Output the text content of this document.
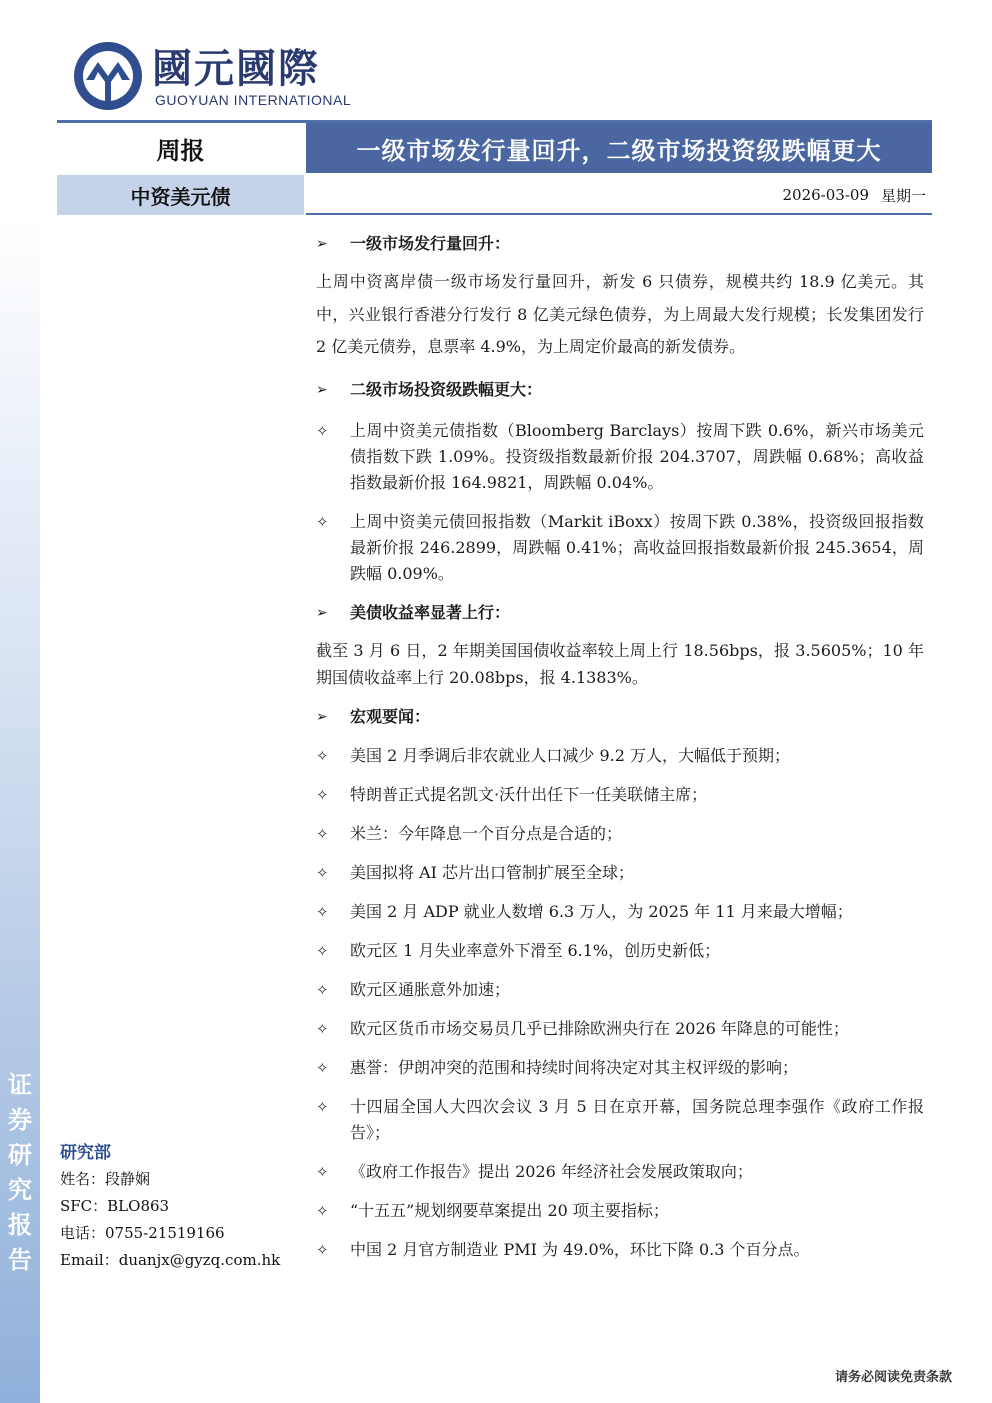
國元國際
GUOYUAN INTERNATIONAL
周报	一级市场发行量回升，二级市场投资级跌幅更大
中资美元债	2026-03-09 星期一
证券研究报告
研究部
姓名：段静娴
SFC：BLO863
电话：0755-21519166
Email：duanjx@gyzq.com.hk
➢	一级市场发行量回升：

上周中资离岸债一级市场发行量回升，新发 6 只债券，规模共约 18.9 亿美元。其中，兴业银行香港分行发行 8 亿美元绿色债券，为上周最大发行规模；长发集团发行 2 亿美元债券，息票率 4.9%，为上周定价最高的新发债券。

➢	二级市场投资级跌幅更大：
✧	上周中资美元债指数（Bloomberg Barclays）按周下跌 0.6%，新兴市场美元债指数下跌 1.09%。投资级指数最新价报 204.3707，周跌幅 0.68%；高收益指数最新价报 164.9821，周跌幅 0.04%。
✧	上周中资美元债回报指数（Markit iBoxx）按周下跌 0.38%，投资级回报指数最新价报 246.2899，周跌幅 0.41%；高收益回报指数最新价报 245.3654，周跌幅 0.09%。
➢	美债收益率显著上行：

截至 3 月 6 日，2 年期美国国债收益率较上周上行 18.56bps，报 3.5605%；10 年期国债收益率上行 20.08bps，报 4.1383%。

➢	宏观要闻：
✧	美国 2 月季调后非农就业人口减少 9.2 万人，大幅低于预期；
✧	特朗普正式提名凯文·沃什出任下一任美联储主席；
✧	米兰：今年降息一个百分点是合适的；
✧	美国拟将 AI 芯片出口管制扩展至全球；
✧	美国 2 月 ADP 就业人数增 6.3 万人，为 2025 年 11 月来最大增幅；
✧	欧元区 1 月失业率意外下滑至 6.1%，创历史新低；
✧	欧元区通胀意外加速；
✧	欧元区货币市场交易员几乎已排除欧洲央行在 2026 年降息的可能性；
✧	惠誉：伊朗冲突的范围和持续时间将决定对其主权评级的影响；
✧	十四届全国人大四次会议 3 月 5 日在京开幕，国务院总理李强作《政府工作报告》；
✧	《政府工作报告》提出 2026 年经济社会发展政策取向；
✧	“十五五”规划纲要草案提出 20 项主要指标；
✧	中国 2 月官方制造业 PMI 为 49.0%，环比下降 0.3 个百分点。
请务必阅读免责条款
